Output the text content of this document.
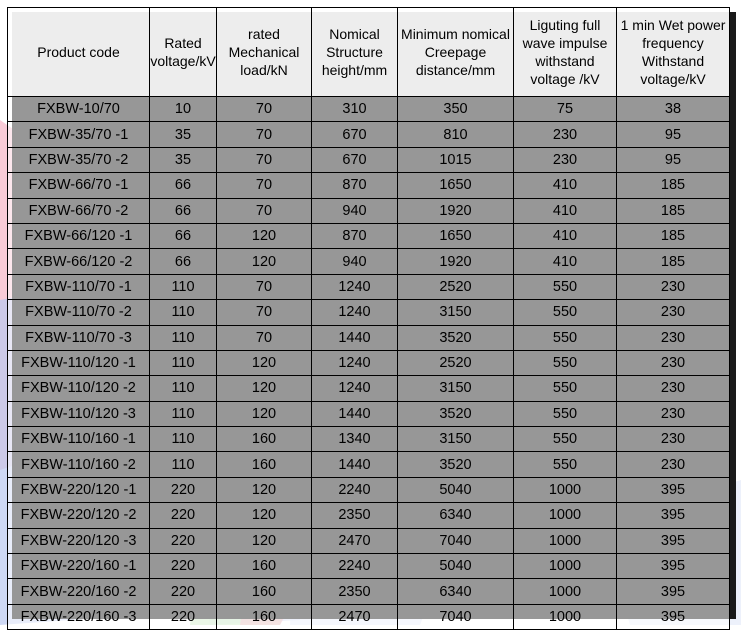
Product code	Rated voltage/kV	rated Mechanical load/kN	Nomical Structure height/mm	Minimum nomical Creepage distance/mm	Liguting full wave impulse withstand voltage /kV	1 min Wet power frequency Withstand voltage/kV
FXBW-10/70	10	70	310	350	75	38
FXBW-35/70 -1	35	70	670	810	230	95
FXBW-35/70 -2	35	70	670	1015	230	95
FXBW-66/70 -1	66	70	870	1650	410	185
FXBW-66/70 -2	66	70	940	1920	410	185
FXBW-66/120 -1	66	120	870	1650	410	185
FXBW-66/120 -2	66	120	940	1920	410	185
FXBW-110/70 -1	110	70	1240	2520	550	230
FXBW-110/70 -2	110	70	1240	3150	550	230
FXBW-110/70 -3	110	70	1440	3520	550	230
FXBW-110/120 -1	110	120	1240	2520	550	230
FXBW-110/120 -2	110	120	1240	3150	550	230
FXBW-110/120 -3	110	120	1440	3520	550	230
FXBW-110/160 -1	110	160	1340	3150	550	230
FXBW-110/160 -2	110	160	1440	3520	550	230
FXBW-220/120 -1	220	120	2240	5040	1000	395
FXBW-220/120 -2	220	120	2350	6340	1000	395
FXBW-220/120 -3	220	120	2470	7040	1000	395
FXBW-220/160 -1	220	160	2240	5040	1000	395
FXBW-220/160 -2	220	160	2350	6340	1000	395
FXBW-220/160 -3	220	160	2470	7040	1000	395
